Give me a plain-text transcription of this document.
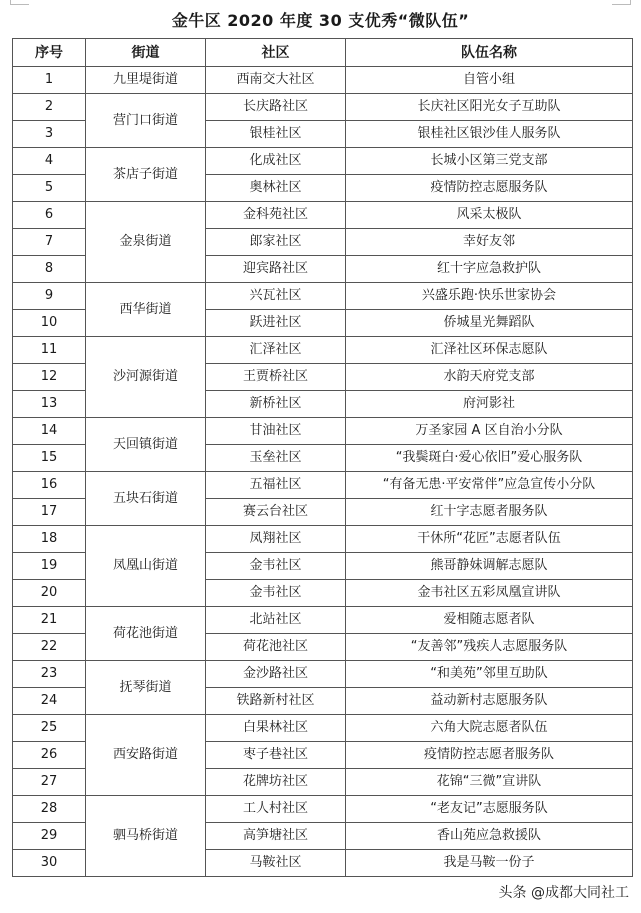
金牛区 2020 年度 30 支优秀“微队伍”
序号	街道	社区	队伍名称
1	九里堤街道	西南交大社区	自管小组
2	营门口街道	长庆路社区	长庆社区阳光女子互助队
3		银桂社区	银桂社区银沙佳人服务队
4	茶店子街道	化成社区	长城小区第三党支部
5		奥林社区	疫情防控志愿服务队
6	金泉街道	金科苑社区	风采太极队
7		郎家社区	幸好友邻
8		迎宾路社区	红十字应急救护队
9	西华街道	兴瓦社区	兴盛乐跑·快乐世家协会
10		跃进社区	侨城星光舞蹈队
11	沙河源街道	汇泽社区	汇泽社区环保志愿队
12		王贾桥社区	水韵天府党支部
13		新桥社区	府河影社
14	天回镇街道	甘油社区	万圣家园 A 区自治小分队
15		玉垒社区	“我鬓斑白·爱心依旧”爱心服务队
16	五块石街道	五福社区	“有备无患·平安常伴”应急宣传小分队
17		赛云台社区	红十字志愿者服务队
18	凤凰山街道	凤翔社区	干休所“花匠”志愿者队伍
19		金韦社区	熊哥静妹调解志愿队
20		金韦社区	金韦社区五彩凤凰宣讲队
21	荷花池街道	北站社区	爱相随志愿者队
22		荷花池社区	“友善邻”残疾人志愿服务队
23	抚琴街道	金沙路社区	“和美苑”邻里互助队
24		铁路新村社区	益动新村志愿服务队
25	西安路街道	白果林社区	六角大院志愿者队伍
26		枣子巷社区	疫情防控志愿者服务队
27		花牌坊社区	花锦“三微”宣讲队
28	驷马桥街道	工人村社区	“老友记”志愿服务队
29		高笋塘社区	香山苑应急救援队
30		马鞍社区	我是马鞍一份子
头条 @成都大同社工
